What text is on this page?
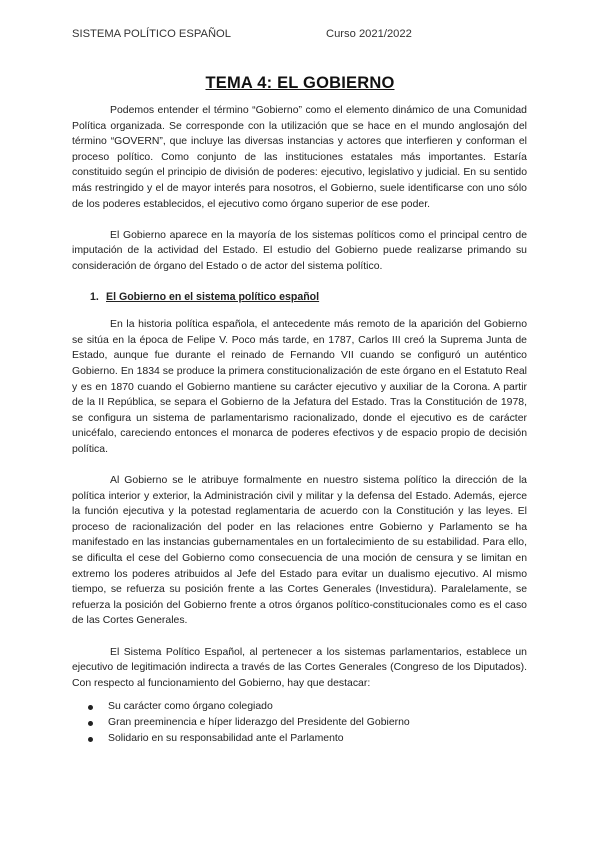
SISTEMA POLÍTICO ESPAÑOL	Curso 2021/2022
TEMA 4: EL GOBIERNO

Podemos entender el término “Gobierno” como el elemento dinámico de una Comunidad Política organizada. Se corresponde con la utilización que se hace en el mundo anglosajón del término “GOVERN”, que incluye las diversas instancias y actores que interfieren y conforman el proceso político. Como conjunto de las instituciones estatales más importantes. Estaría constituido según el principio de división de poderes: ejecutivo, legislativo y judicial. En su sentido más restringido y el de mayor interés para nosotros, el Gobierno, suele identificarse con uno sólo de los poderes establecidos, el ejecutivo como órgano superior de ese poder.

El Gobierno aparece en la mayoría de los sistemas políticos como el principal centro de imputación de la actividad del Estado. El estudio del Gobierno puede realizarse primando su consideración de órgano del Estado o de actor del sistema político.

1. El Gobierno en el sistema político español

En la historia política española, el antecedente más remoto de la aparición del Gobierno se sitúa en la época de Felipe V. Poco más tarde, en 1787, Carlos III creó la Suprema Junta de Estado, aunque fue durante el reinado de Fernando VII cuando se configuró un auténtico Gobierno. En 1834 se produce la primera constitucionalización de este órgano en el Estatuto Real y es en 1870 cuando el Gobierno mantiene su carácter ejecutivo y auxiliar de la Corona. A partir de la II República, se separa el Gobierno de la Jefatura del Estado. Tras la Constitución de 1978, se configura un sistema de parlamentarismo racionalizado, donde el ejecutivo es de carácter unicéfalo, careciendo entonces el monarca de poderes efectivos y de espacio propio de decisión política.

Al Gobierno se le atribuye formalmente en nuestro sistema político la dirección de la política interior y exterior, la Administración civil y militar y la defensa del Estado. Además, ejerce la función ejecutiva y la potestad reglamentaria de acuerdo con la Constitución y las leyes. El proceso de racionalización del poder en las relaciones entre Gobierno y Parlamento se ha manifestado en las instancias gubernamentales en un fortalecimiento de su estabilidad. Para ello, se dificulta el cese del Gobierno como consecuencia de una moción de censura y se limitan en extremo los poderes atribuidos al Jefe del Estado para evitar un dualismo ejecutivo. Al mismo tiempo, se refuerza su posición frente a las Cortes Generales (Investidura). Paralelamente, se refuerza la posición del Gobierno frente a otros órganos político-constitucionales como es el caso de las Cortes Generales.

El Sistema Político Español, al pertenecer a los sistemas parlamentarios, establece un ejecutivo de legitimación indirecta a través de las Cortes Generales (Congreso de los Diputados). Con respecto al funcionamiento del Gobierno, hay que destacar:

Su carácter como órgano colegiado
Gran preeminencia e híper liderazgo del Presidente del Gobierno
Solidario en su responsabilidad ante el Parlamento
